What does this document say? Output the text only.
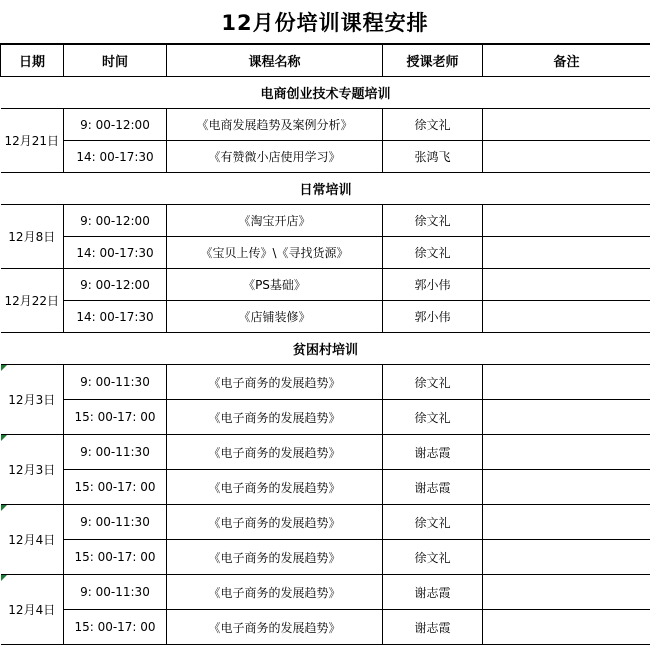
12月份培训课程安排
日期	时间	课程名称	授课老师	备注
电商创业技术专题培训				
12月21日	9: 00-12:00	《电商发展趋势及案例分析》	徐文礼	
	14: 00-17:30	《有赞微小店使用学习》	张鸿飞	
日常培训				
12月8日	9: 00-12:00	《淘宝开店》	徐文礼	
	14: 00-17:30	《宝贝上传》\《寻找货源》	徐文礼	
12月22日	9: 00-12:00	《PS基础》	郭小伟	
	14: 00-17:30	《店铺装修》	郭小伟	
贫困村培训				

12月3日	9: 00-11:30	《电子商务的发展趋势》	徐文礼	
	15: 00-17: 00	《电子商务的发展趋势》	徐文礼	

12月3日	9: 00-11:30	《电子商务的发展趋势》	谢志霞	
	15: 00-17: 00	《电子商务的发展趋势》	谢志霞	

12月4日	9: 00-11:30	《电子商务的发展趋势》	徐文礼	
	15: 00-17: 00	《电子商务的发展趋势》	徐文礼	

12月4日	9: 00-11:30	《电子商务的发展趋势》	谢志霞	
	15: 00-17: 00	《电子商务的发展趋势》	谢志霞	
